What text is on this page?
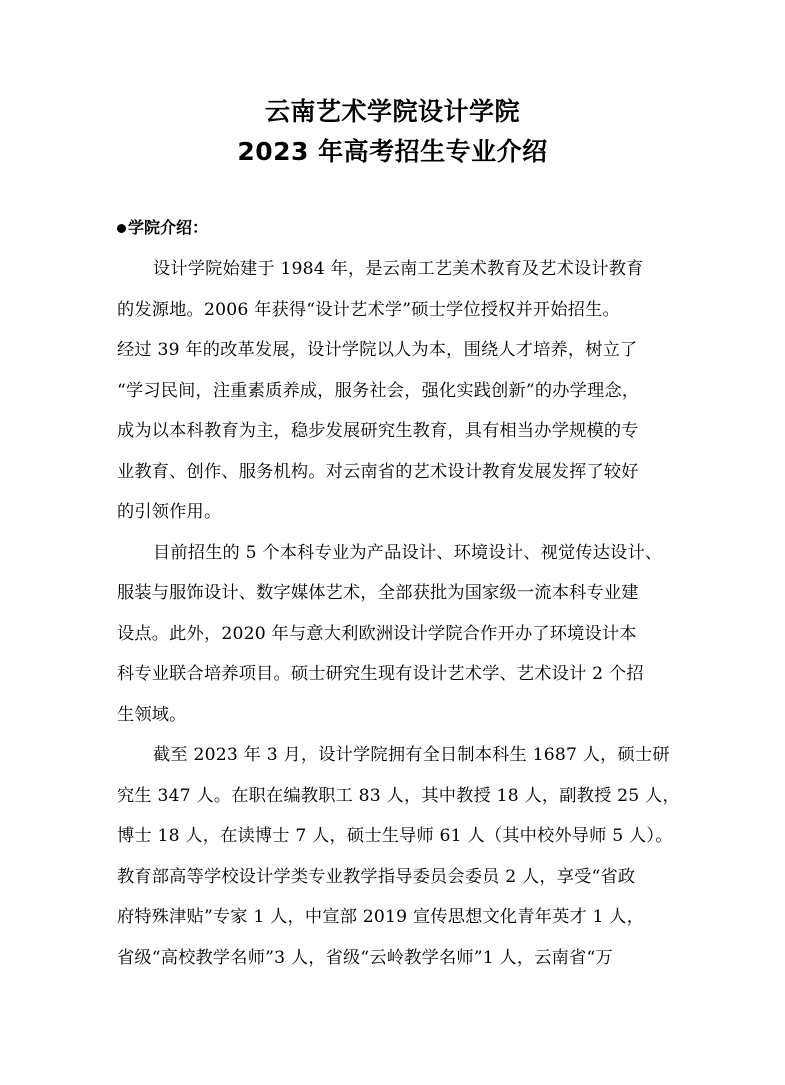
云南艺术学院设计学院

2023 年高考招生专业介绍

学院介绍：
设计学院始建于 1984 年，是云南工艺美术教育及艺术设计教育
的发源地。2006 年获得“设计艺术学”硕士学位授权并开始招生。
经过 39 年的改革发展，设计学院以人为本，围绕人才培养，树立了
“学习民间，注重素质养成，服务社会，强化实践创新”的办学理念，
成为以本科教育为主，稳步发展研究生教育，具有相当办学规模的专
业教育、创作、服务机构。对云南省的艺术设计教育发展发挥了较好
的引领作用。
目前招生的 5 个本科专业为产品设计、环境设计、视觉传达设计、
服装与服饰设计、数字媒体艺术，全部获批为国家级一流本科专业建
设点。此外，2020 年与意大利欧洲设计学院合作开办了环境设计本
科专业联合培养项目。硕士研究生现有设计艺术学、艺术设计 2 个招
生领域。
截至 2023 年 3 月，设计学院拥有全日制本科生 1687 人，硕士研
究生 347 人。在职在编教职工 83 人，其中教授 18 人，副教授 25 人，
博士 18 人，在读博士 7 人，硕士生导师 61 人（其中校外导师 5 人）。
教育部高等学校设计学类专业教学指导委员会委员 2 人，享受“省政
府特殊津贴”专家 1 人，中宣部 2019 宣传思想文化青年英才 1 人，
省级“高校教学名师”3 人，省级“云岭教学名师”1 人，云南省“万
